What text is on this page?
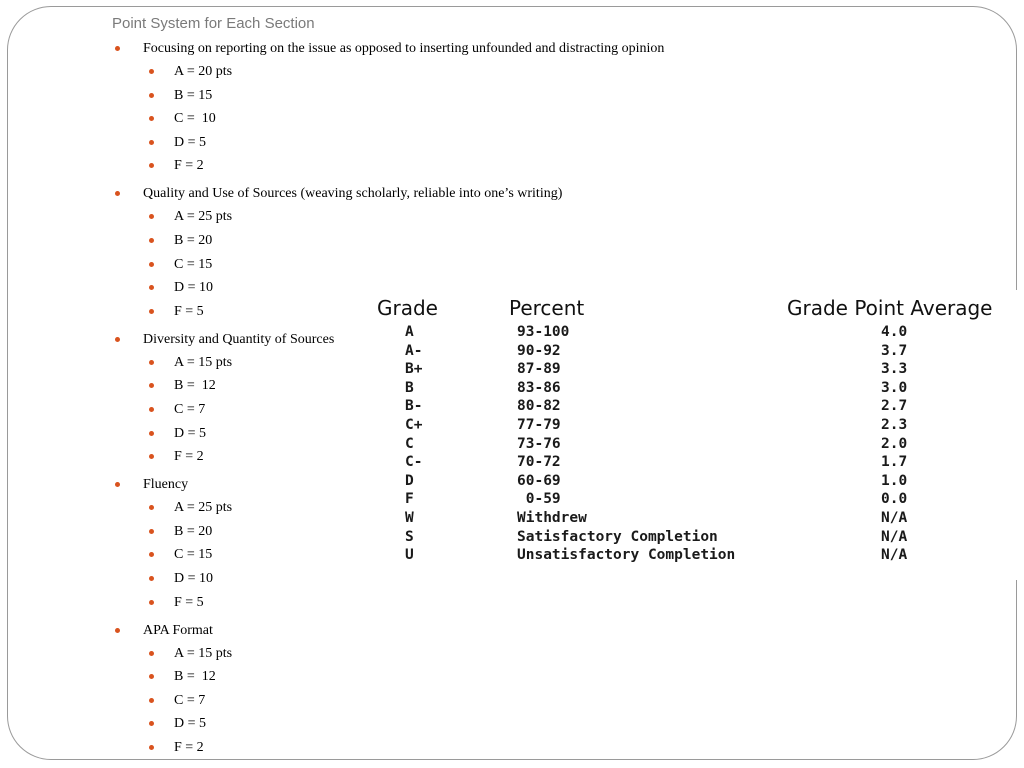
Point System for Each Section
Focusing on reporting on the issue as opposed to inserting unfounded and distracting opinion
A = 20 pts
B = 15
C =  10
D = 5
F = 2
Quality and Use of Sources (weaving scholarly, reliable into one’s writing)
A = 25 pts
B = 20
C = 15
D = 10
F = 5
Diversity and Quantity of Sources
A = 15 pts
B =  12
C = 7
D = 5
F = 2
Fluency
A = 25 pts
B = 20
C = 15
D = 10
F = 5
APA Format
A = 15 pts
B =  12
C = 7
D = 5
F = 2
Grade	Percent	Grade Point Average
A	93-100	4.0
A-	90-92	3.7
B+	87-89	3.3
B	83-86	3.0
B-	80-82	2.7
C+	77-79	2.3
C	73-76	2.0
C-	70-72	1.7
D	60-69	1.0
F	0-59	0.0
W	Withdrew	N/A
S	Satisfactory Completion	N/A
U	Unsatisfactory Completion	N/A
